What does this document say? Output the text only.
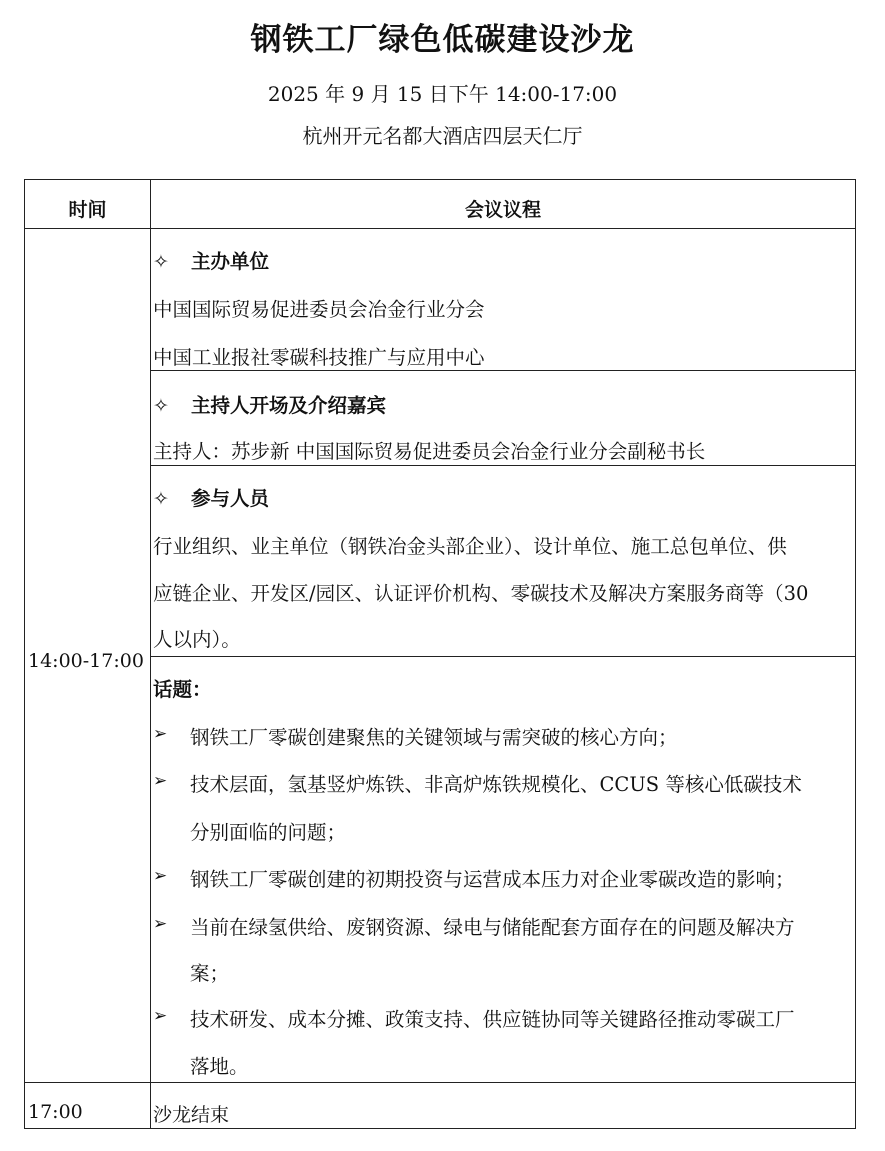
钢铁工厂绿色低碳建设沙龙
2025 年 9 月 15 日下午 14:00-17:00
杭州开元名都大酒店四层天仁厅
时间	会议议程
14:00-17:00
✧ 主办单位
中国国际贸易促进委员会冶金行业分会
中国工业报社零碳科技推广与应用中心
✧ 主持人开场及介绍嘉宾
主持人：苏步新 中国国际贸易促进委员会冶金行业分会副秘书长
✧ 参与人员
行业组织、业主单位（钢铁冶金头部企业）、设计单位、施工总包单位、供
应链企业、开发区/园区、认证评价机构、零碳技术及解决方案服务商等（30
人以内）。
话题：
➢ 钢铁工厂零碳创建聚焦的关键领域与需突破的核心方向；
➢ 技术层面，氢基竖炉炼铁、非高炉炼铁规模化、CCUS 等核心低碳技术
分别面临的问题；
➢ 钢铁工厂零碳创建的初期投资与运营成本压力对企业零碳改造的影响；
➢ 当前在绿氢供给、废钢资源、绿电与储能配套方面存在的问题及解决方
案；
➢ 技术研发、成本分摊、政策支持、供应链协同等关键路径推动零碳工厂
落地。
17:00	沙龙结束
